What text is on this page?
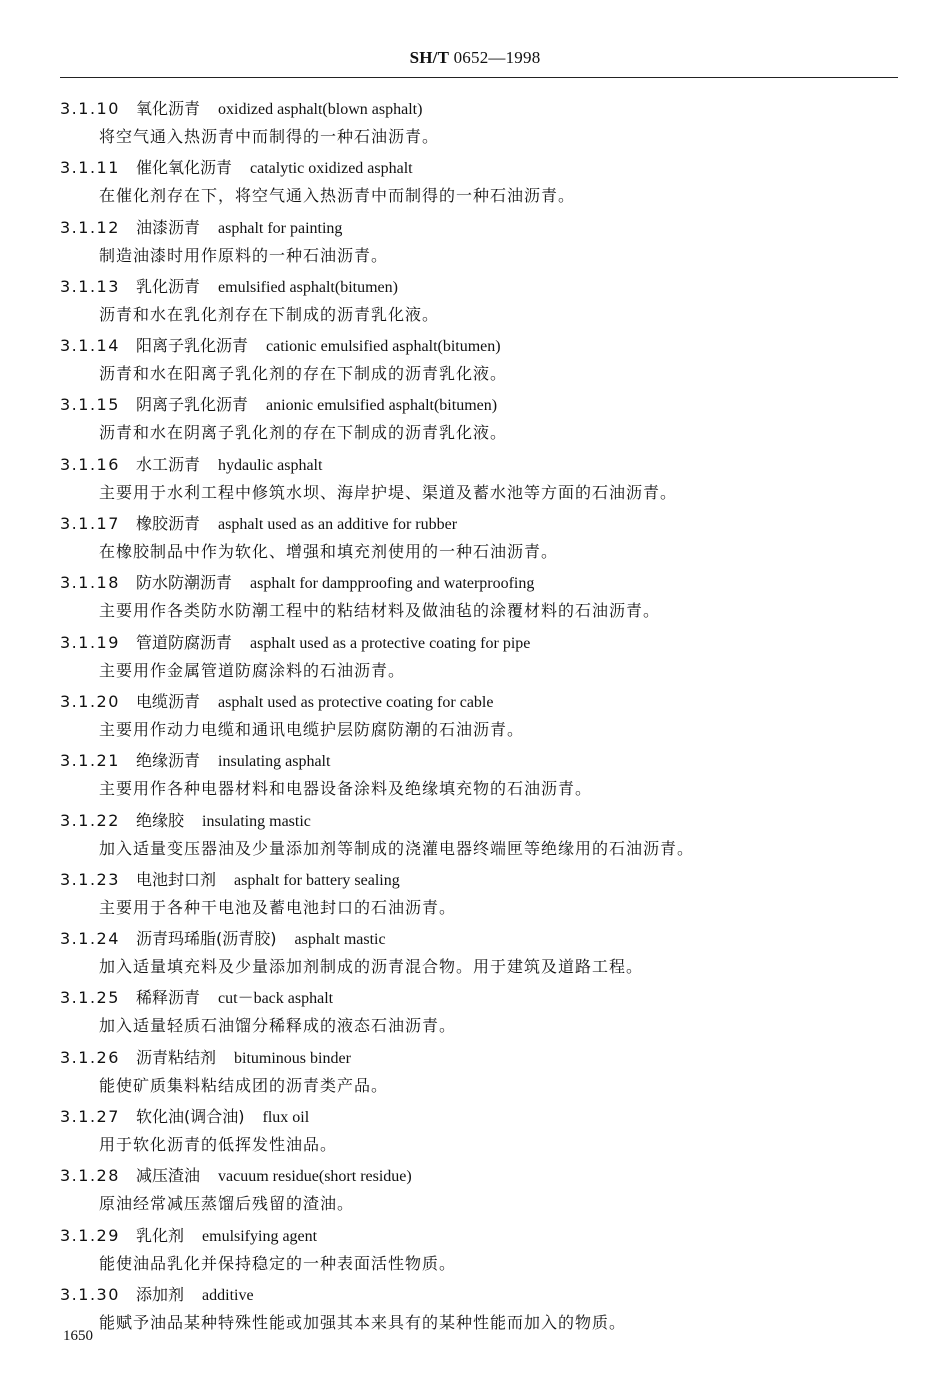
SH/T 0652—1998
3.1.10 氧化沥青 oxidized asphalt(blown asphalt)
将空气通入热沥青中而制得的一种石油沥青。
3.1.11 催化氧化沥青 catalytic oxidized asphalt
在催化剂存在下，将空气通入热沥青中而制得的一种石油沥青。
3.1.12 油漆沥青 asphalt for painting
制造油漆时用作原料的一种石油沥青。
3.1.13 乳化沥青 emulsified asphalt(bitumen)
沥青和水在乳化剂存在下制成的沥青乳化液。
3.1.14 阳离子乳化沥青 cationic emulsified asphalt(bitumen)
沥青和水在阳离子乳化剂的存在下制成的沥青乳化液。
3.1.15 阴离子乳化沥青 anionic emulsified asphalt(bitumen)
沥青和水在阴离子乳化剂的存在下制成的沥青乳化液。
3.1.16 水工沥青 hydaulic asphalt
主要用于水利工程中修筑水坝、海岸护堤、渠道及蓄水池等方面的石油沥青。
3.1.17 橡胶沥青 asphalt used as an additive for rubber
在橡胶制品中作为软化、增强和填充剂使用的一种石油沥青。
3.1.18 防水防潮沥青 asphalt for dampproofing and waterproofing
主要用作各类防水防潮工程中的粘结材料及做油毡的涂覆材料的石油沥青。
3.1.19 管道防腐沥青 asphalt used as a protective coating for pipe
主要用作金属管道防腐涂料的石油沥青。
3.1.20 电缆沥青 asphalt used as protective coating for cable
主要用作动力电缆和通讯电缆护层防腐防潮的石油沥青。
3.1.21 绝缘沥青 insulating asphalt
主要用作各种电器材料和电器设备涂料及绝缘填充物的石油沥青。
3.1.22 绝缘胶 insulating mastic
加入适量变压器油及少量添加剂等制成的浇灌电器终端匣等绝缘用的石油沥青。
3.1.23 电池封口剂 asphalt for battery sealing
主要用于各种干电池及蓄电池封口的石油沥青。
3.1.24 沥青玛琋脂(沥青胶) asphalt mastic
加入适量填充料及少量添加剂制成的沥青混合物。用于建筑及道路工程。
3.1.25 稀释沥青 cut－back asphalt
加入适量轻质石油馏分稀释成的液态石油沥青。
3.1.26 沥青粘结剂 bituminous binder
能使矿质集料粘结成团的沥青类产品。
3.1.27 软化油(调合油) flux oil
用于软化沥青的低挥发性油品。
3.1.28 减压渣油 vacuum residue(short residue)
原油经常减压蒸馏后残留的渣油。
3.1.29 乳化剂 emulsifying agent
能使油品乳化并保持稳定的一种表面活性物质。
3.1.30 添加剂 additive
能赋予油品某种特殊性能或加强其本来具有的某种性能而加入的物质。
1650
